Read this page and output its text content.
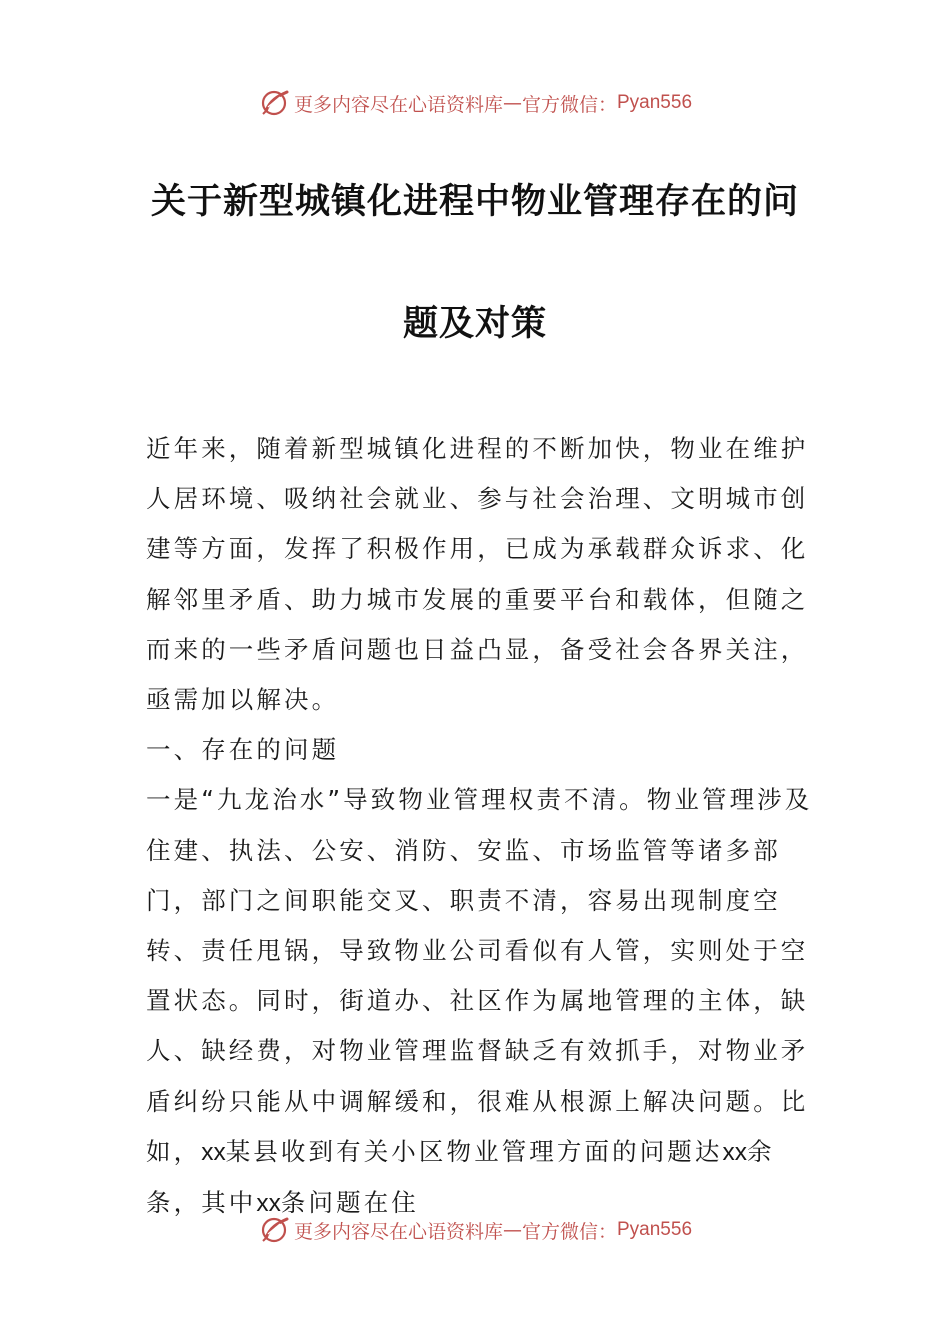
更多内容尽在心语资料库 — 官方微信： Pyan556
关于新型城镇化进程中物业管理存在的问
题及对策

近年来，随着新型城镇化进程的不断加快，物业在维护人居环境、吸纳社会就业、参与社会治理、文明城市创建等方面，发挥了积极作用，已成为承载群众诉求、化解邻里矛盾、助力城市发展的重要平台和载体，但随之而来的一些矛盾问题也日益凸显，备受社会各界关注，亟需加以解决。

一、存在的问题

一是“九龙治水”导致物业管理权责不清。物业管理涉及住建、执法、公安、消防、安监、市场监管等诸多部门，部门之间职能交叉、职责不清，容易出现制度空转、责任甩锅，导致物业公司看似有人管，实则处于空置状态。同时，街道办、社区作为属地管理的主体，缺人、缺经费，对物业管理监督缺乏有效抓手，对物业矛盾纠纷只能从中调解缓和，很难从根源上解决问题。比如，xx某县收到有关小区物业管理方面的问题达xx余条，其中xx条问题在住

更多内容尽在心语资料库 — 官方微信： Pyan556
